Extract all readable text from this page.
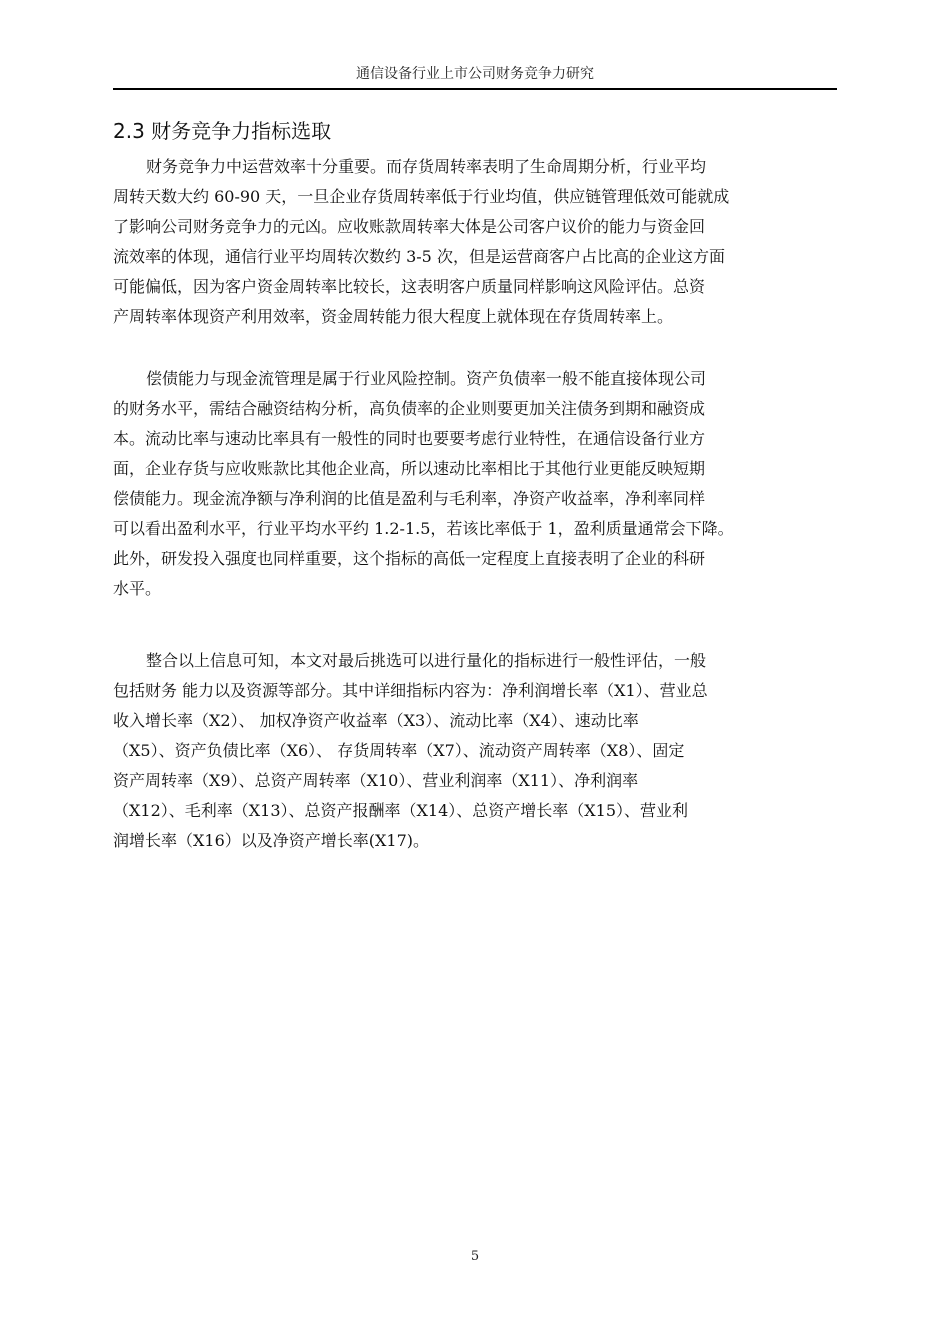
通信设备行业上市公司财务竞争力研究
2.3 财务竞争力指标选取
财务竞争力中运营效率十分重要。而存货周转率表明了生命周期分析，行业平均
周转天数大约 60-90 天，一旦企业存货周转率低于行业均值，供应链管理低效可能就成
了影响公司财务竞争力的元凶。应收账款周转率大体是公司客户议价的能力与资金回
流效率的体现，通信行业平均周转次数约 3-5 次，但是运营商客户占比高的企业这方面
可能偏低，因为客户资金周转率比较长，这表明客户质量同样影响这风险评估。总资
产周转率体现资产利用效率，资金周转能力很大程度上就体现在存货周转率上。
偿债能力与现金流管理是属于行业风险控制。资产负债率一般不能直接体现公司
的财务水平，需结合融资结构分析，高负债率的企业则要更加关注债务到期和融资成
本。流动比率与速动比率具有一般性的同时也要要考虑行业特性，在通信设备行业方
面，企业存货与应收账款比其他企业高，所以速动比率相比于其他行业更能反映短期
偿债能力。现金流净额与净利润的比值是盈利与毛利率，净资产收益率，净利率同样
可以看出盈利水平，行业平均水平约 1.2-1.5，若该比率低于 1，盈利质量通常会下降。
此外，研发投入强度也同样重要，这个指标的高低一定程度上直接表明了企业的科研
水平。
整合以上信息可知，本文对最后挑选可以进行量化的指标进行一般性评估，一般
包括财务 能力以及资源等部分。其中详细指标内容为：净利润增长率（X1）、营业总
收入增长率（X2）、 加权净资产收益率（X3）、流动比率（X4）、速动比率
（X5）、资产负债比率（X6）、 存货周转率（X7）、流动资产周转率（X8）、固定
资产周转率（X9）、总资产周转率（X10）、营业利润率（X11）、净利润率
（X12）、毛利率（X13）、总资产报酬率（X14）、总资产增长率（X15）、营业利
润增长率（X16）以及净资产增长率(X17)。
5
